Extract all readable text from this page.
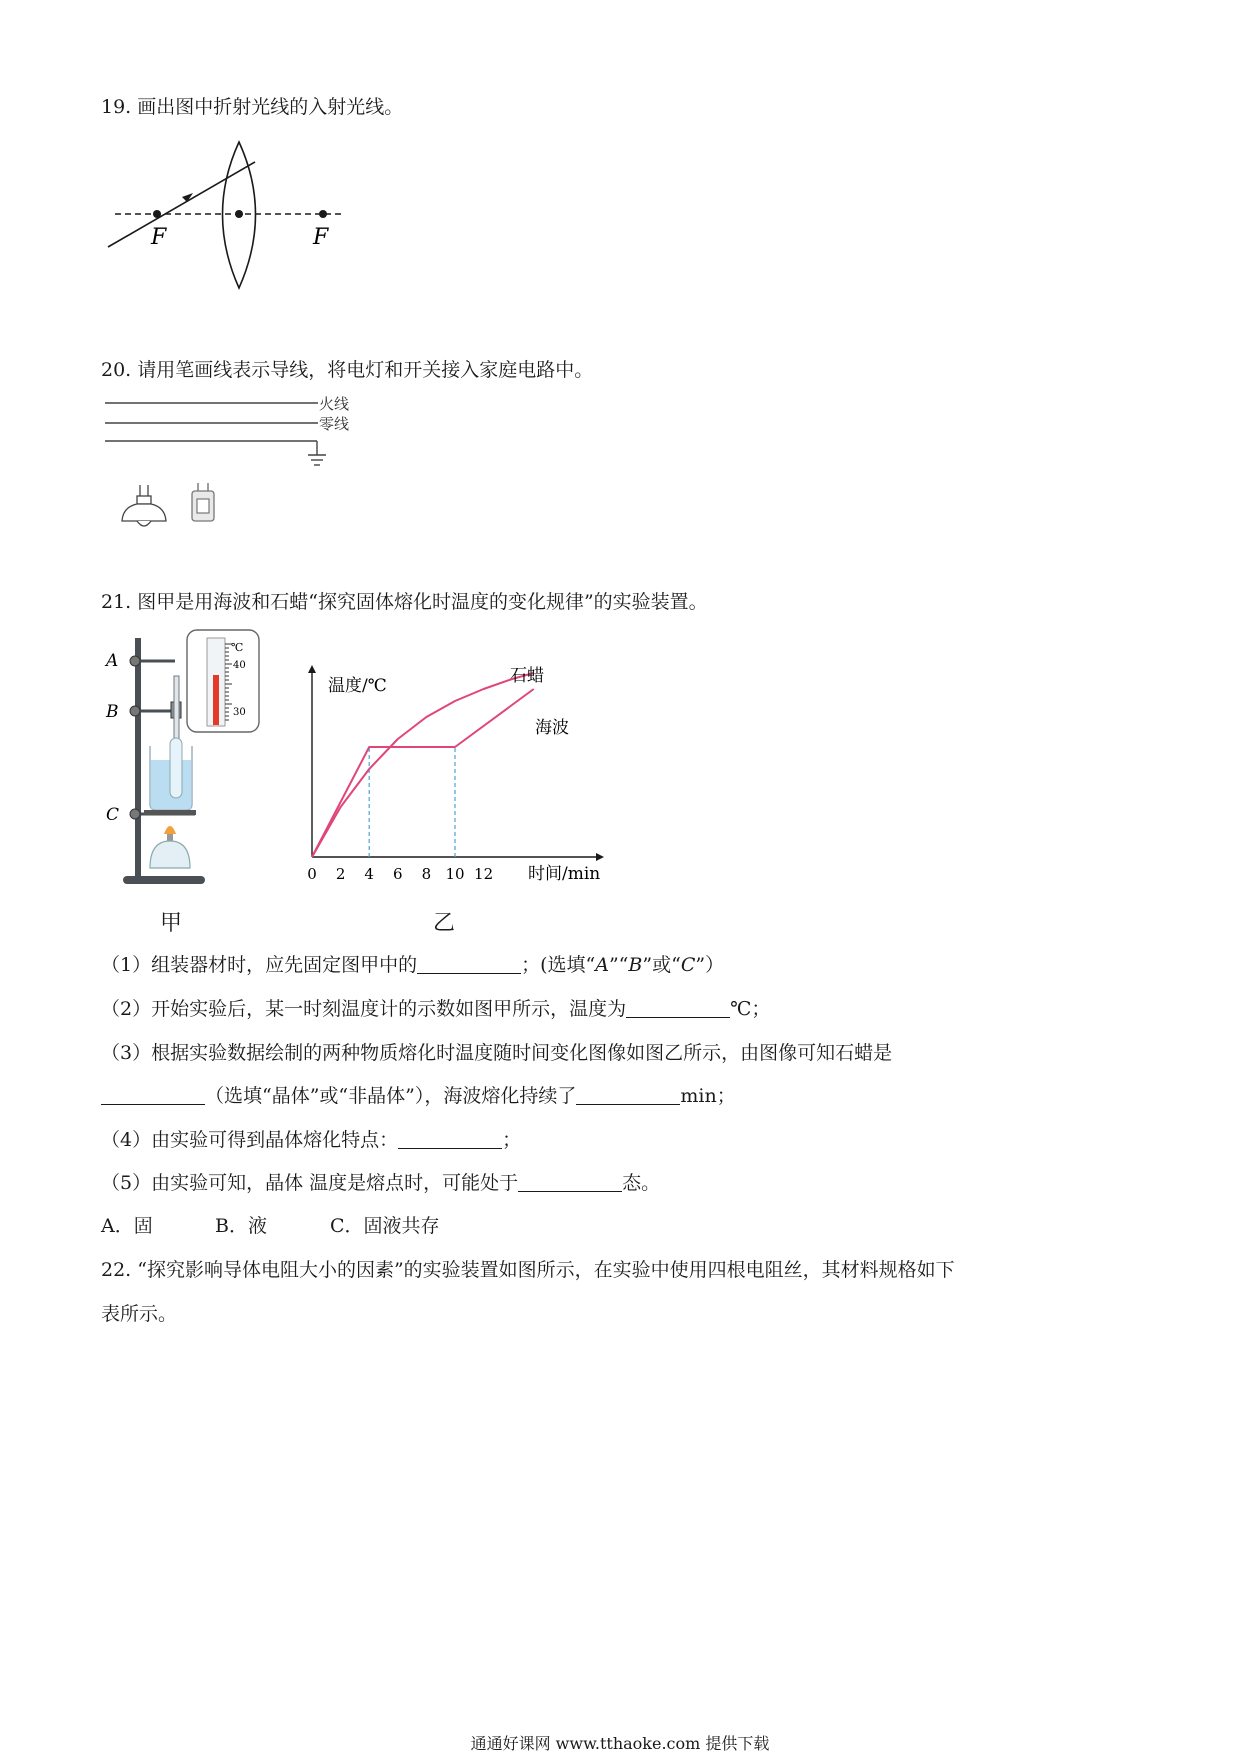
19. 画出图中折射光线的入射光线。
F	F
20. 请用笔画线表示导线，将电灯和开关接入家庭电路中。
火线
零线
21. 图甲是用海波和石蜡“探究固体熔化时温度的变化规律”的实验装置。
A
B
C
℃
40
30
甲
温度/℃
时间/min
0 2 4 6 8 10 12
海波
石蜡
乙
（1）组装器材时，应先固定图甲中的	；(选填“A”“B”或“C”）
（2）开始实验后，某一时刻温度计的示数如图甲所示，温度为	℃；
（3）根据实验数据绘制的两种物质熔化时温度随时间变化图像如图乙所示，由图像可知石蜡是
（选填“晶体”或“非晶体”），海波熔化持续了	min；
（4）由实验可得到晶体熔化特点：	；
（5）由实验可知，晶体 温度是熔点时，可能处于	态。
A．固	B．液	C．固液共存
22. “探究影响导体电阻大小的因素”的实验装置如图所示，在实验中使用四根电阻丝，其材料规格如下
表所示。
通通好课网 www.tthaoke.com 提供下载
